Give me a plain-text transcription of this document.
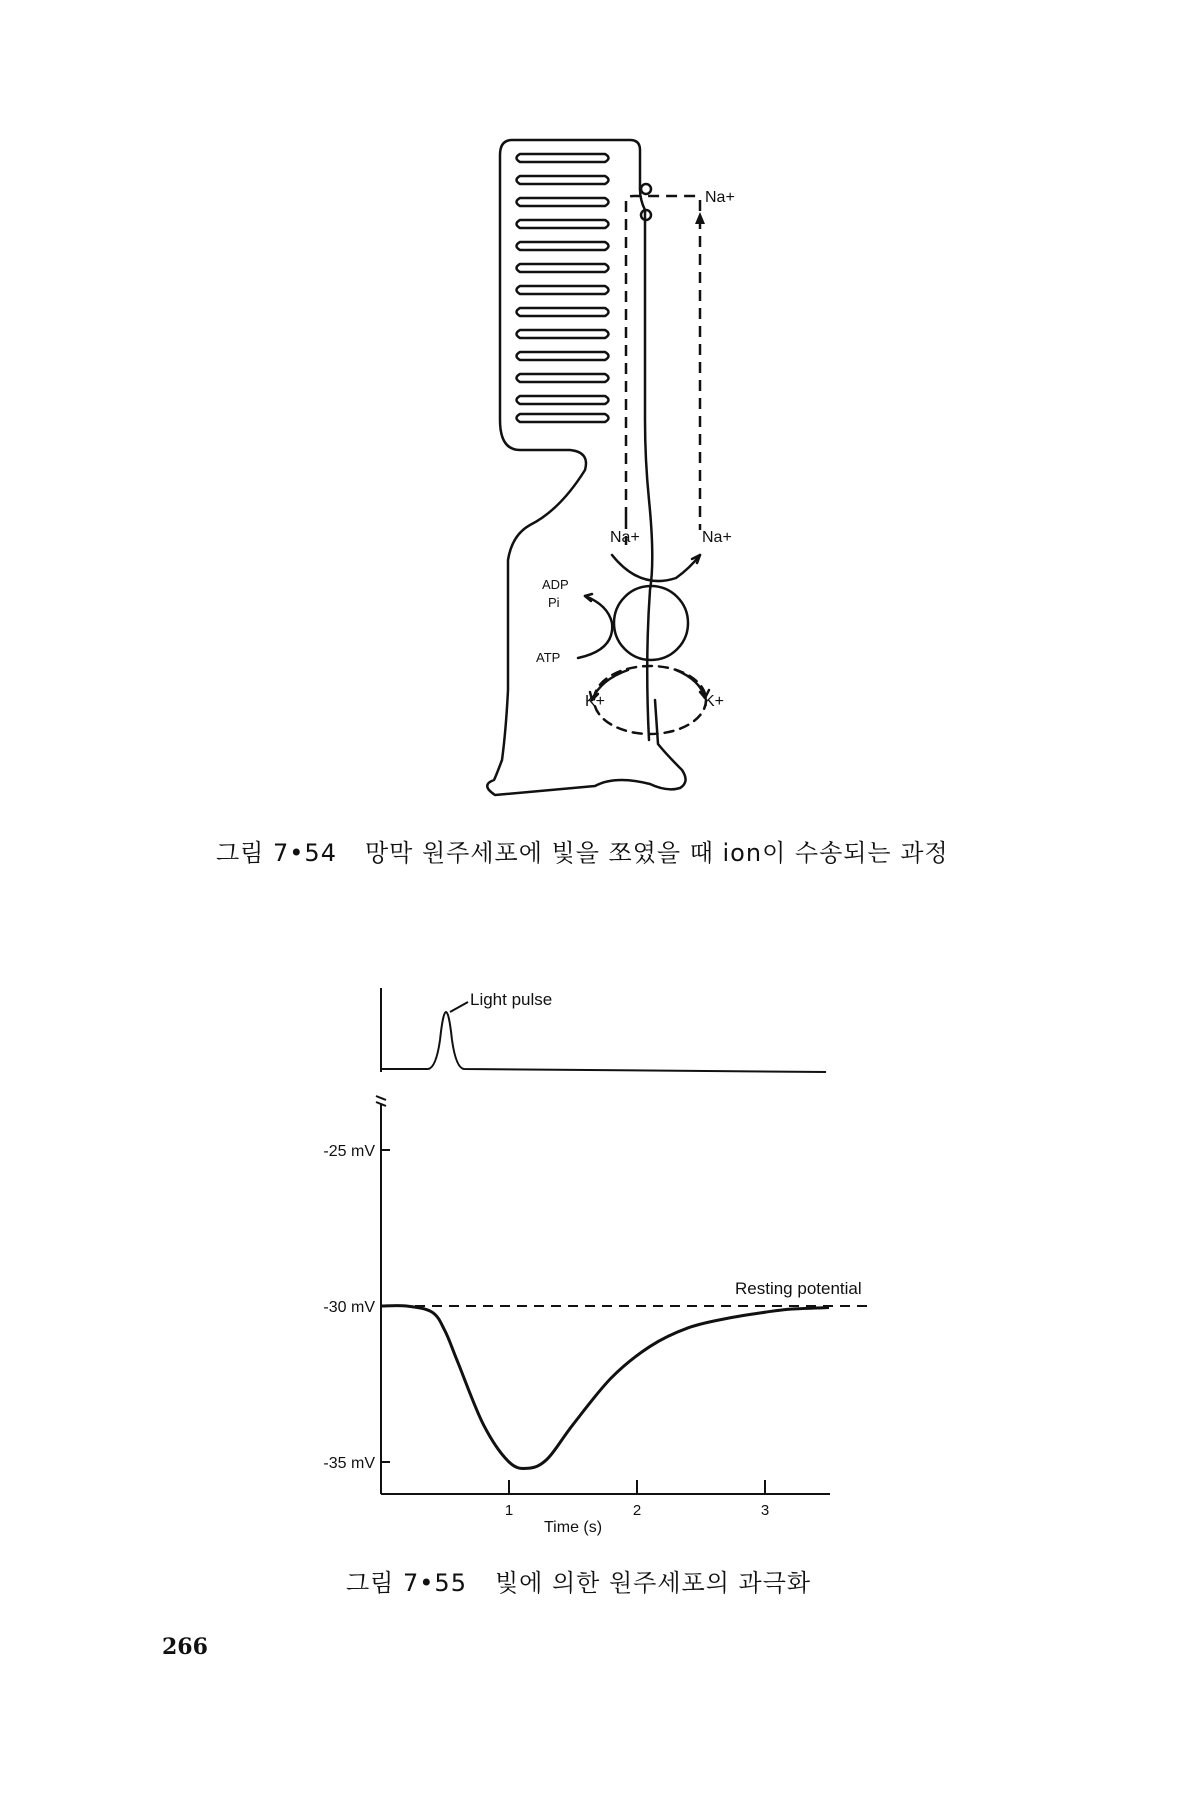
Na+
Na+	Na+
ADP
Pi
ATP
K+	K+
그림 7•54 망막 원주세포에 빛을 쪼였을 때 ion이 수송되는 과정
-25 mV
-30 mV
-35 mV
1	2	3
Light pulse
Resting potential
Time (s)
그림 7•55 빛에 의한 원주세포의 과극화
266
